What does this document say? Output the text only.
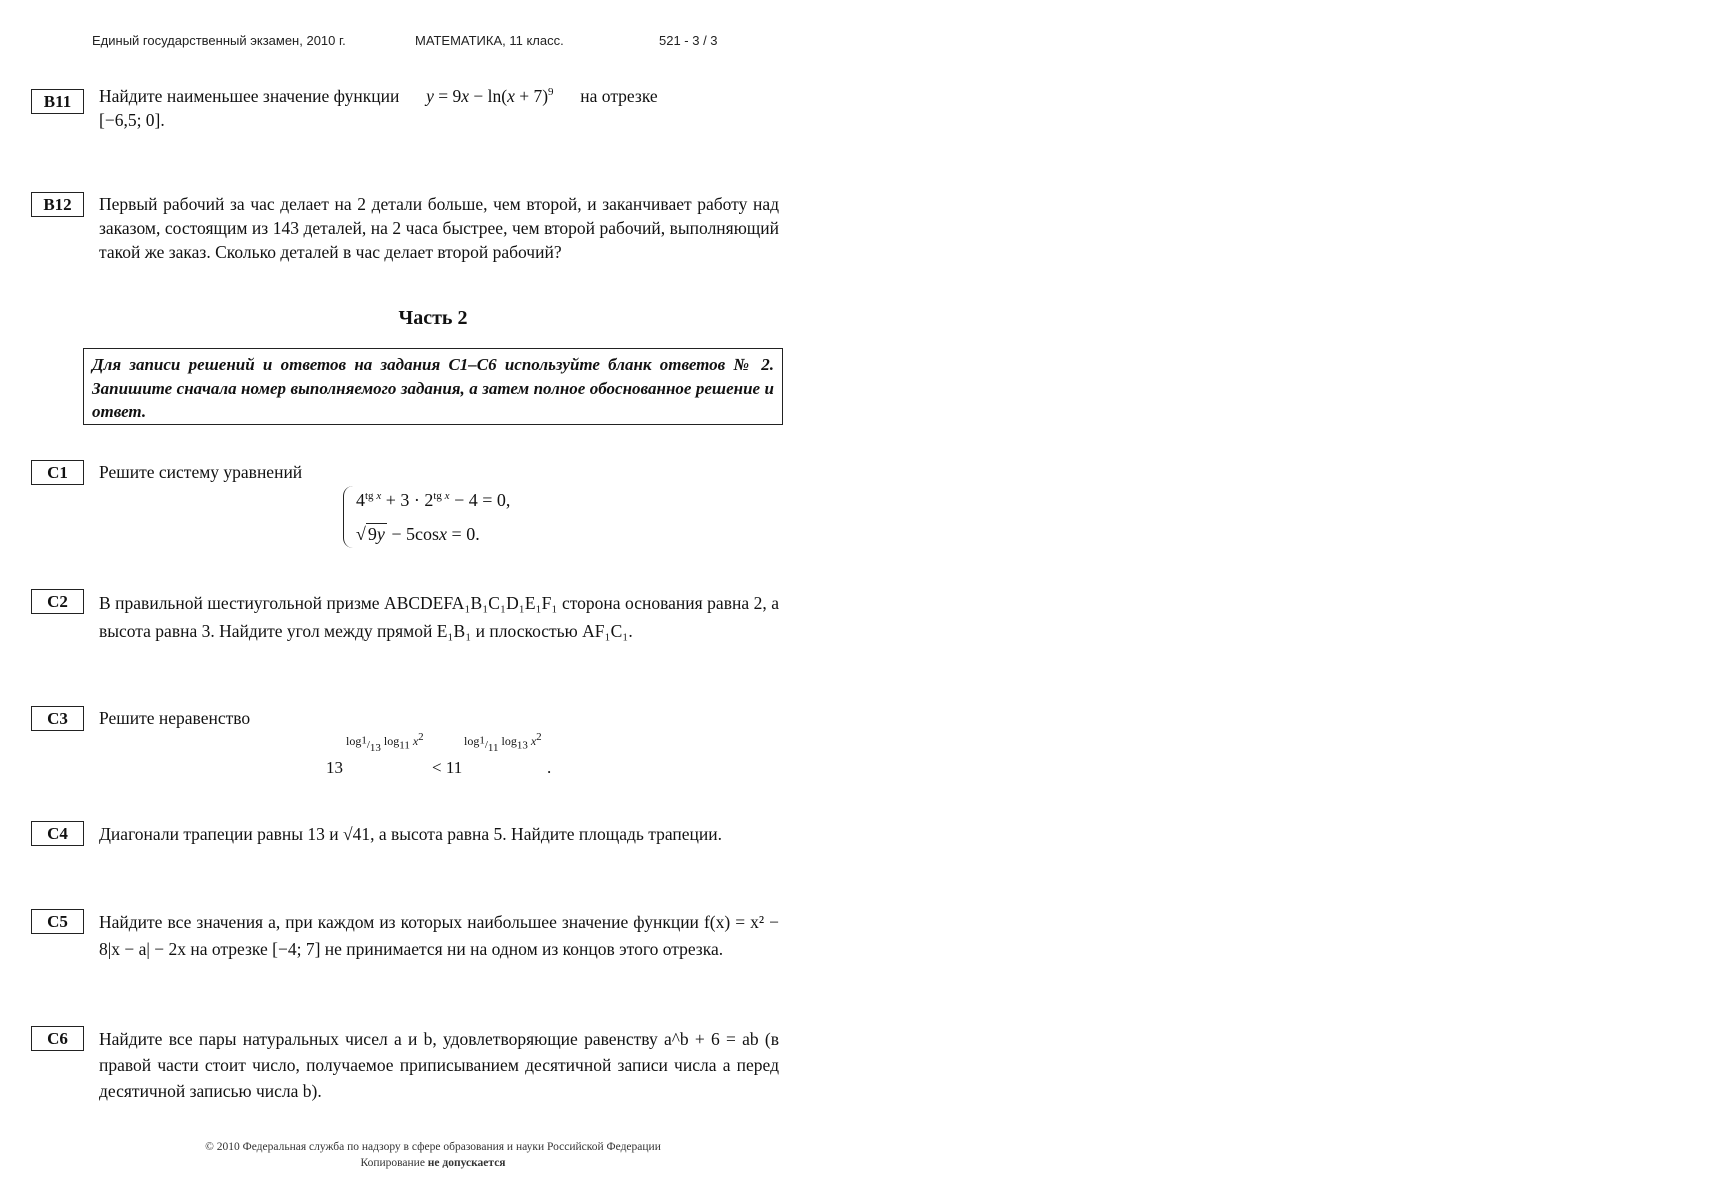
Единый государственный экзамен, 2010 г.	МАТЕМАТИКА, 11 класс.	521 - 3 / 3
B11	Найдите наименьшее значение функции $y = 9x - \ln(x + 7)^9$ на отрезке
[−6,5; 0].
B12	Первый рабочий за час делает на 2 детали больше, чем второй, и заканчивает работу над заказом, состоящим из 143 деталей, на 2 часа быстрее, чем второй рабочий, выполняющий такой же заказ. Сколько деталей в час делает второй рабочий?
Часть 2
Для записи решений и ответов на задания C1–C6 используйте бланк ответов № 2. Запишите сначала номер выполняемого задания, а затем полное обоснованное решение и ответ.
C1	Решите систему уравнений
$4^{tg x} + 3 \cdot 2^{tg x} - 4 = 0$,
√ 9y − 5cosx = 0.
C2	В правильной шестиугольной призме ABCDEFA₁B₁C₁D₁E₁F₁ сторона основания равна 2, а высота равна 3. Найдите угол между прямой E₁B₁ и плоскостью AF₁C₁.
C3	Решите неравенство
13
$\log_{^1/_{13}} \log_{11} x^2$
< 11
$\log_{^1/_{11}} \log_{13} x^2$
.
C4	Диагонали трапеции равны 13 и √41, а высота равна 5. Найдите площадь трапеции.
C5	Найдите все значения a, при каждом из которых наибольшее значение функции f(x) = x² − 8|x − a| − 2x на отрезке [−4; 7] не принимается ни на одном из концов этого отрезка.
C6	Найдите все пары натуральных чисел a и b, удовлетворяющие равенству a^b + 6 = ab (в правой части стоит число, получаемое приписыванием десятичной записи числа a перед десятичной записью числа b).
© 2010 Федеральная служба по надзору в сфере образования и науки Российской Федерации
Копирование не допускается
